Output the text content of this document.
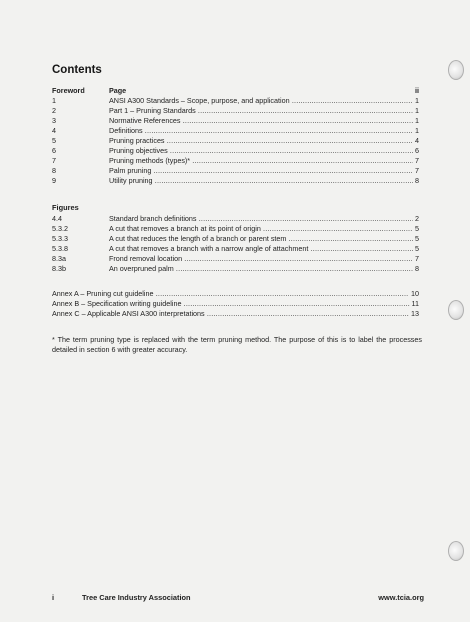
Contents
Foreword	Page	ii
1	ANSI A300 Standards – Scope, purpose, and application .....	1
2	Part 1 – Pruning Standards .....	1
3	Normative References .....	1
4	Definitions .....	1
5	Pruning practices .....	4
6	Pruning objectives .....	6
7	Pruning methods (types)* .....	7
8	Palm pruning .....	7
9	Utility pruning .....	8
Figures
4.4	Standard branch definitions .....	2
5.3.2	A cut that removes a branch at its point of origin .....	5
5.3.3	A cut that reduces the length of a branch or parent stem .....	5
5.3.8	A cut that removes a branch with a narrow angle of attachment .....	5
8.3a	Frond removal location .....	7
8.3b	An overpruned palm .....	8
Annex A – Pruning cut guideline .....	10
Annex B – Specification writing guideline .....	11
Annex C – Applicable ANSI A300 interpretations .....	13
* The term pruning type is replaced with the term pruning method. The purpose of this is to label the processes detailed in section 6 with greater accuracy.
i	Tree Care Industry Association	www.tcia.org
